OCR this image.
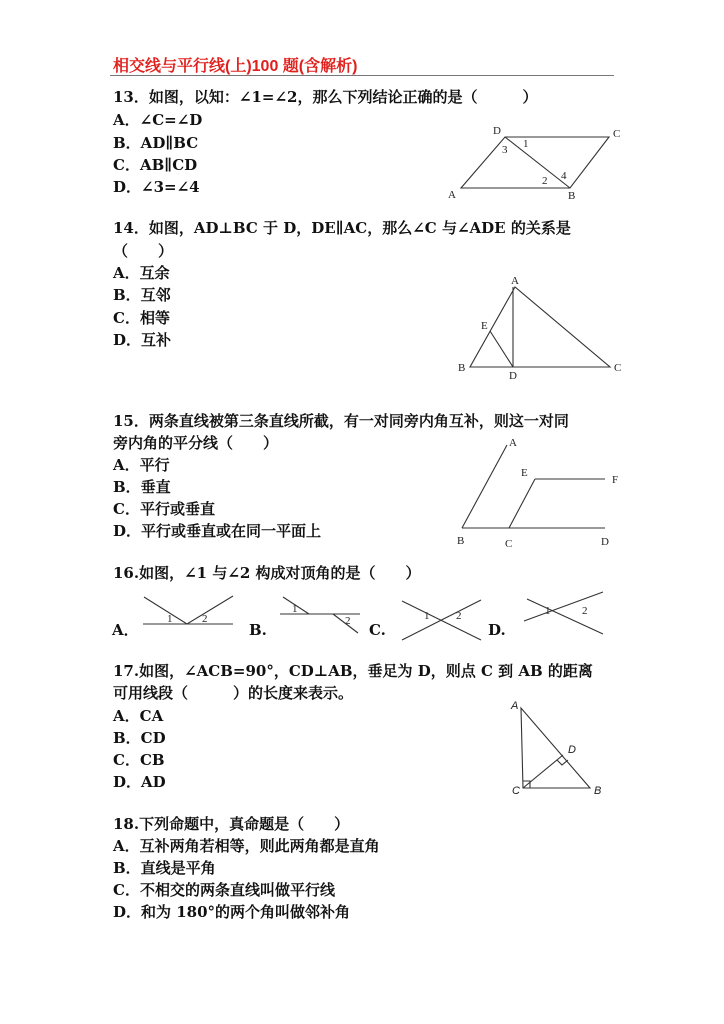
相交线与平行线(上)100 题(含解析)
13．如图，以知：∠1=∠2，那么下列结论正确的是（　　　）
A．∠C=∠D
B．AD∥BC
C．AB∥CD
D．∠3=∠4
14．如图，AD⊥BC 于 D，DE∥AC，那么∠C 与∠ADE 的关系是
（　　）
A．互余
B．互邻
C．相等
D．互补
15．两条直线被第三条直线所截，有一对同旁内角互补，则这一对同
旁内角的平分线（　　）
A．平行
B．垂直
C．平行或垂直
D．平行或垂直或在同一平面上
16.如图，∠1 与∠2 构成对顶角的是（　　）
A．	B.	C.	D.
17.如图，∠ACB=90°，CD⊥AB，垂足为 D，则点 C 到 AB 的距离
可用线段（　　　）的长度来表示。
A．CA
B．CD
C．CB
D．AD
18.下列命题中，真命题是（　　）
A．互补两角若相等，则此两角都是直角
B．直线是平角
C．不相交的两条直线叫做平行线
D．和为 180°的两个角叫做邻补角
D	C
A	B
1
2
3
4
A
B	C
D
E
A
E
F
B	C	D
1	2
1
2	1 2	1	2
A
D
C	B
